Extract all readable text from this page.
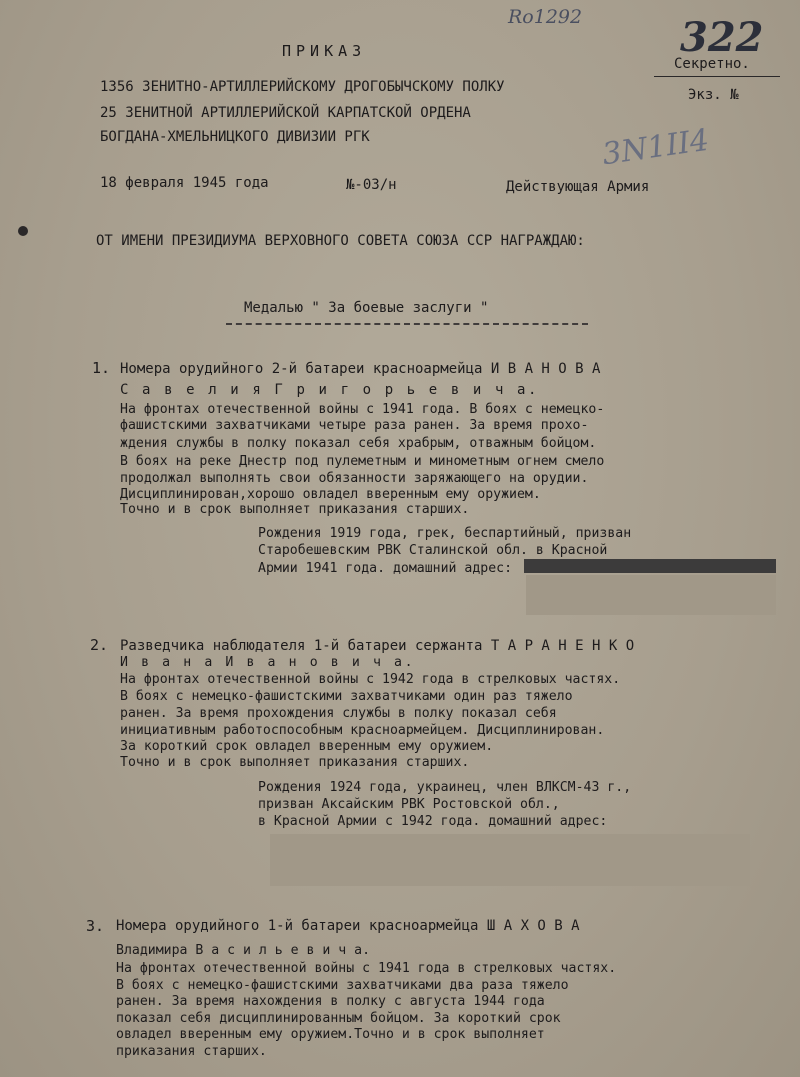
Ro1292 322
3N1II4
ПРИКАЗ
Секретно.
Экз. №
1356 ЗЕНИТНО-АРТИЛЛЕРИЙСКОМУ ДРОГОБЫЧСКОМУ ПОЛКУ
25 ЗЕНИТНОЙ АРТИЛЛЕРИЙСКОЙ КАРПАТСКОЙ ОРДЕНА
БОГДАНА-ХМЕЛЬНИЦКОГО ДИВИЗИИ РГК
18 февраля 1945 года	№-03/н	Действующая Армия
ОТ ИМЕНИ ПРЕЗИДИУМА ВЕРХОВНОГО СОВЕТА СОЮЗА ССР НАГРАЖДАЮ:
Медалью " За боевые заслуги "
1. Номера орудийного 2-й батареи красноармейца И В А Н О В А
С а в е л и я Г р и г о р ь е в и ч а.
На фронтах отечественной войны с 1941 года. В боях с немецко-
фашистскими захватчиками четыре раза ранен. За время прохо-
ждения службы в полку показал себя храбрым, отважным бойцом.
В боях на реке Днестр под пулеметным и минометным огнем смело
продолжал выполнять свои обязанности заряжающего на орудии.
Дисциплинирован,хорошо овладел вверенным ему оружием.
Точно и в срок выполняет приказания старших.
Рождения 1919 года, грек, беспартийный, призван
Старобешевским РВК Сталинской обл. в Красной
Армии 1941 года. домашний адрес:
2. Разведчика наблюдателя 1-й батареи сержанта Т А Р А Н Е Н К О
И в а н а И в а н о в и ч а.
На фронтах отечественной войны с 1942 года в стрелковых частях.
В боях с немецко-фашистскими захватчиками один раз тяжело
ранен. За время прохождения службы в полку показал себя
инициативным работоспособным красноармейцем. Дисциплинирован.
За короткий срок овладел вверенным ему оружием.
Точно и в срок выполняет приказания старших.
Рождения 1924 года, украинец, член ВЛКСМ-43 г.,
призван Аксайским РВК Ростовской обл.,
в Красной Армии с 1942 года. домашний адрес:
3. Номера орудийного 1-й батареи красноармейца Ш А Х О В А
Владимира В а с и л ь е в и ч а.
На фронтах отечественной войны с 1941 года в стрелковых частях.
В боях с немецко-фашистскими захватчиками два раза тяжело
ранен. За время нахождения в полку с августа 1944 года
показал себя дисциплинированным бойцом. За короткий срок
овладел вверенным ему оружием.Точно и в срок выполняет
приказания старших.
